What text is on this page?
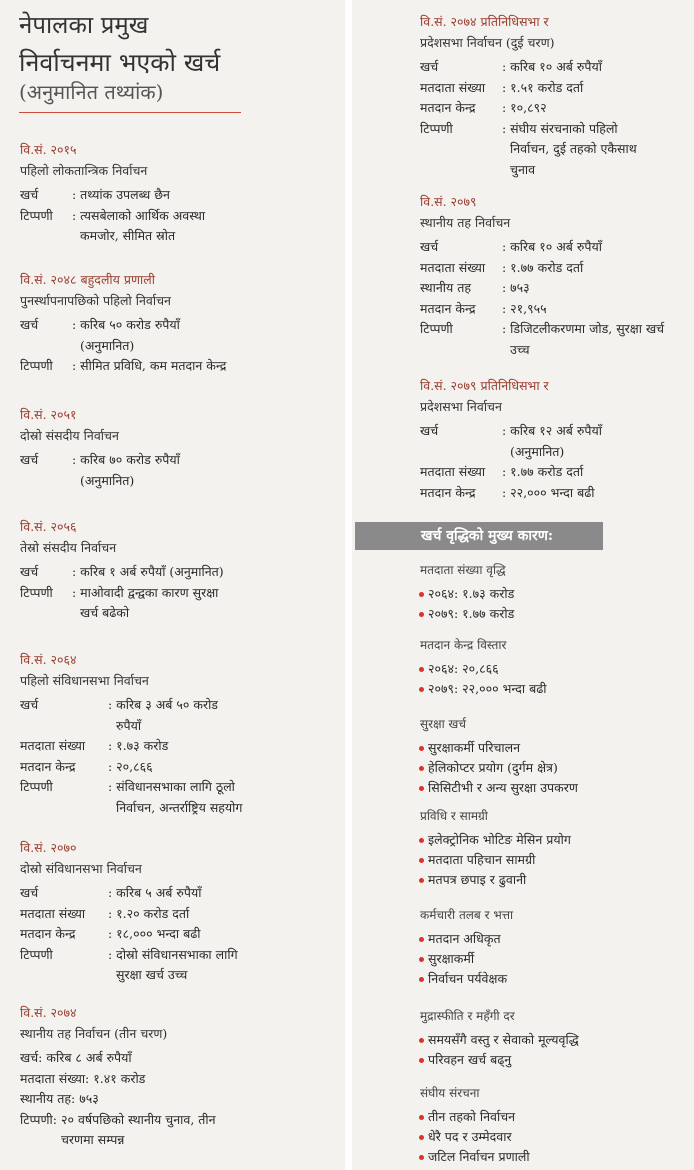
नेपालका प्रमुख
निर्वाचनमा भएको खर्च
(अनुमानित तथ्यांक)
वि.सं. २०१५
पहिलो लोकतान्त्रिक निर्वाचन
खर्च	: तथ्यांक उपलब्ध छैन
टिप्पणी	: त्यसबेलाको आर्थिक अवस्था
कमजोर, सीमित स्रोत
वि.सं. २०४८ बहुदलीय प्रणाली
पुनर्स्थापनापछिको पहिलो निर्वाचन
खर्च	: करिब ५० करोड रुपैयाँ
(अनुमानित)
टिप्पणी	: सीमित प्रविधि, कम मतदान केन्द्र
वि.सं. २०५१
दोस्रो संसदीय निर्वाचन
खर्च	: करिब ७० करोड रुपैयाँ
(अनुमानित)
वि.सं. २०५६
तेस्रो संसदीय निर्वाचन
खर्च	: करिब १ अर्ब रुपैयाँ (अनुमानित)
टिप्पणी	: माओवादी द्वन्द्वका कारण सुरक्षा
खर्च बढेको
वि.सं. २०६४
पहिलो संविधानसभा निर्वाचन
खर्च	: करिब ३ अर्ब ५० करोड
रुपैयाँ
मतदाता संख्या	: १.७३ करोड
मतदान केन्द्र	: २०,८६६
टिप्पणी	: संविधानसभाका लागि ठूलो
निर्वाचन, अन्तर्राष्ट्रिय सहयोग
वि.सं. २०७०
दोस्रो संविधानसभा निर्वाचन
खर्च	: करिब ५ अर्ब रुपैयाँ
मतदाता संख्या	: १.२० करोड दर्ता
मतदान केन्द्र	: १८,००० भन्दा बढी
टिप्पणी	: दोस्रो संविधानसभाका लागि
सुरक्षा खर्च उच्च
वि.सं. २०७४
स्थानीय तह निर्वाचन (तीन चरण)
खर्च: करिब ८ अर्ब रुपैयाँ
मतदाता संख्या: १.४१ करोड
स्थानीय तह: ७५३
टिप्पणी: २० वर्षपछिको स्थानीय चुनाव, तीन
चरणमा सम्पन्न
वि.सं. २०७४ प्रतिनिधिसभा र
प्रदेशसभा निर्वाचन (दुई चरण)
खर्च	: करिब १० अर्ब रुपैयाँ
मतदाता संख्या	: १.५१ करोड दर्ता
मतदान केन्द्र	: १०,८९२
टिप्पणी	: संघीय संरचनाको पहिलो
निर्वाचन, दुई तहको एकैसाथ
चुनाव
वि.सं. २०७९
स्थानीय तह निर्वाचन
खर्च	: करिब १० अर्ब रुपैयाँ
मतदाता संख्या	: १.७७ करोड दर्ता
स्थानीय तह	: ७५३
मतदान केन्द्र	: २१,९५५
टिप्पणी	: डिजिटलीकरणमा जोड, सुरक्षा खर्च
उच्च
वि.सं. २०७९ प्रतिनिधिसभा र
प्रदेशसभा निर्वाचन
खर्च	: करिब १२ अर्ब रुपैयाँ
(अनुमानित)
मतदाता संख्या	: १.७७ करोड दर्ता
मतदान केन्द्र	: २२,००० भन्दा बढी
खर्च वृद्धिको मुख्य कारण:
मतदाता संख्या वृद्धि
२०६४: १.७३ करोड
२०७९: १.७७ करोड
मतदान केन्द्र विस्तार
२०६४: २०,८६६
२०७९: २२,००० भन्दा बढी
सुरक्षा खर्च
सुरक्षाकर्मी परिचालन
हेलिकोप्टर प्रयोग (दुर्गम क्षेत्र)
सिसिटीभी र अन्य सुरक्षा उपकरण
प्रविधि र सामग्री
इलेक्ट्रोनिक भोटिङ मेसिन प्रयोग
मतदाता पहिचान सामग्री
मतपत्र छपाइ र ढुवानी
कर्मचारी तलब र भत्ता
मतदान अधिकृत
सुरक्षाकर्मी
निर्वाचन पर्यवेक्षक
मुद्रास्फीति र महँगी दर
समयसँगै वस्तु र सेवाको मूल्यवृद्धि
परिवहन खर्च बढ्नु
संघीय संरचना
तीन तहको निर्वाचन
धेरै पद र उम्मेदवार
जटिल निर्वाचन प्रणाली
